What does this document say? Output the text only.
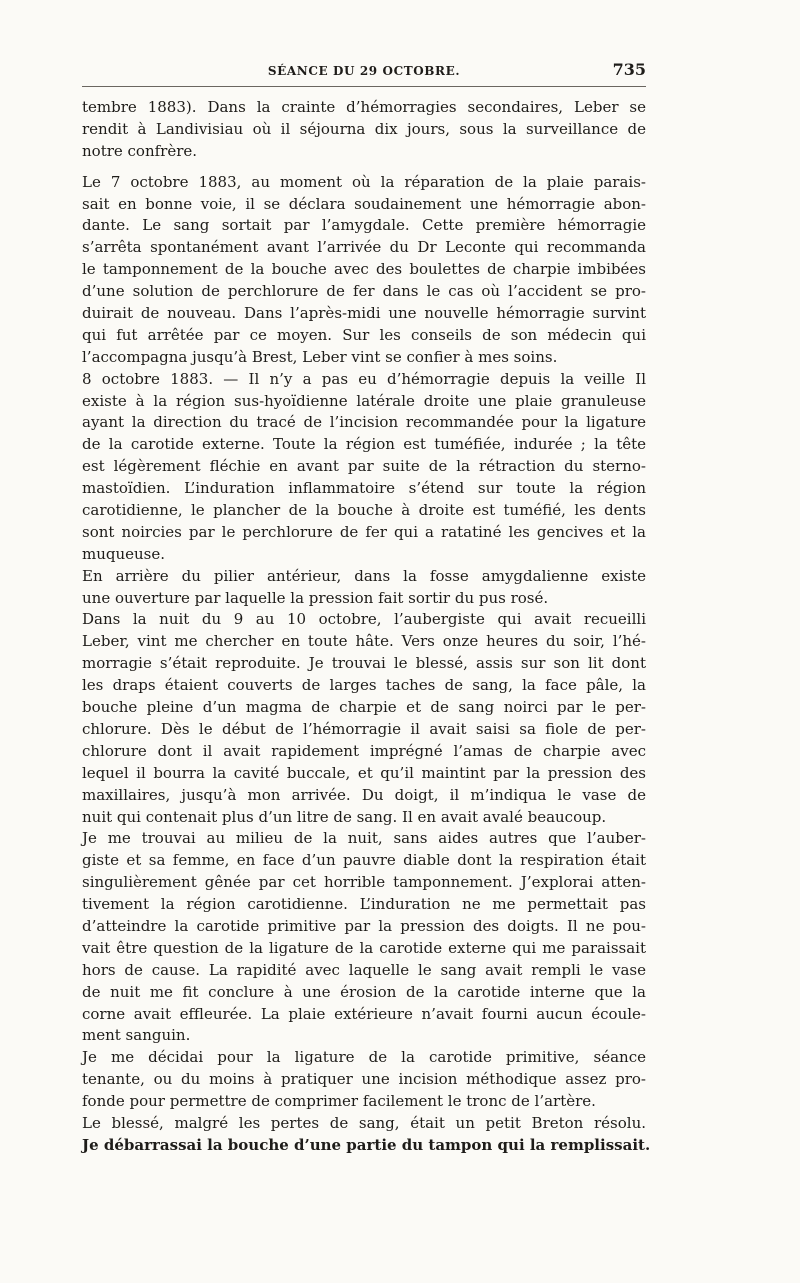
SÉANCE DU 29 OCTOBRE.	735
tembre 1883). Dans la crainte d’hémorragies secondaires, Leber se
rendit à Landivisiau où il séjourna dix jours, sous la surveillance de
notre confrère.
Le 7 octobre 1883, au moment où la réparation de la plaie parais-
sait en bonne voie, il se déclara soudainement une hémorragie abon-
dante. Le sang sortait par l’amygdale. Cette première hémorragie
s’arrêta spontanément avant l’arrivée du Dr Leconte qui recommanda
le tamponnement de la bouche avec des boulettes de charpie imbibées
d’une solution de perchlorure de fer dans le cas où l’accident se pro-
duirait de nouveau. Dans l’après-midi une nouvelle hémorragie survint
qui fut arrêtée par ce moyen. Sur les conseils de son médecin qui
l’accompagna jusqu’à Brest, Leber vint se confier à mes soins.
8 octobre 1883. — Il n’y a pas eu d’hémorragie depuis la veille Il
existe à la région sus-hyoïdienne latérale droite une plaie granuleuse
ayant la direction du tracé de l’incision recommandée pour la ligature
de la carotide externe. Toute la région est tuméfiée, indurée ; la tête
est légèrement fléchie en avant par suite de la rétraction du sterno-
mastoïdien. L’induration inflammatoire s’étend sur toute la région
carotidienne, le plancher de la bouche à droite est tuméfié, les dents
sont noircies par le perchlorure de fer qui a ratatiné les gencives et la
muqueuse.
En arrière du pilier antérieur, dans la fosse amygdalienne existe
une ouverture par laquelle la pression fait sortir du pus rosé.
Dans la nuit du 9 au 10 octobre, l’aubergiste qui avait recueilli
Leber, vint me chercher en toute hâte. Vers onze heures du soir, l’hé-
morragie s’était reproduite. Je trouvai le blessé, assis sur son lit dont
les draps étaient couverts de larges taches de sang, la face pâle, la
bouche pleine d’un magma de charpie et de sang noirci par le per-
chlorure. Dès le début de l’hémorragie il avait saisi sa fiole de per-
chlorure dont il avait rapidement imprégné l’amas de charpie avec
lequel il bourra la cavité buccale, et qu’il maintint par la pression des
maxillaires, jusqu’à mon arrivée. Du doigt, il m’indiqua le vase de
nuit qui contenait plus d’un litre de sang. Il en avait avalé beaucoup.
Je me trouvai au milieu de la nuit, sans aides autres que l’auber-
giste et sa femme, en face d’un pauvre diable dont la respiration était
singulièrement gênée par cet horrible tamponnement. J’explorai atten-
tivement la région carotidienne. L’induration ne me permettait pas
d’atteindre la carotide primitive par la pression des doigts. Il ne pou-
vait être question de la ligature de la carotide externe qui me paraissait
hors de cause. La rapidité avec laquelle le sang avait rempli le vase
de nuit me fit conclure à une érosion de la carotide interne que la
corne avait effleurée. La plaie extérieure n’avait fourni aucun écoule-
ment sanguin.
Je me décidai pour la ligature de la carotide primitive, séance
tenante, ou du moins à pratiquer une incision méthodique assez pro-
fonde pour permettre de comprimer facilement le tronc de l’artère.
Le blessé, malgré les pertes de sang, était un petit Breton résolu.
Je débarrassai la bouche d’une partie du tampon qui la remplissait.
